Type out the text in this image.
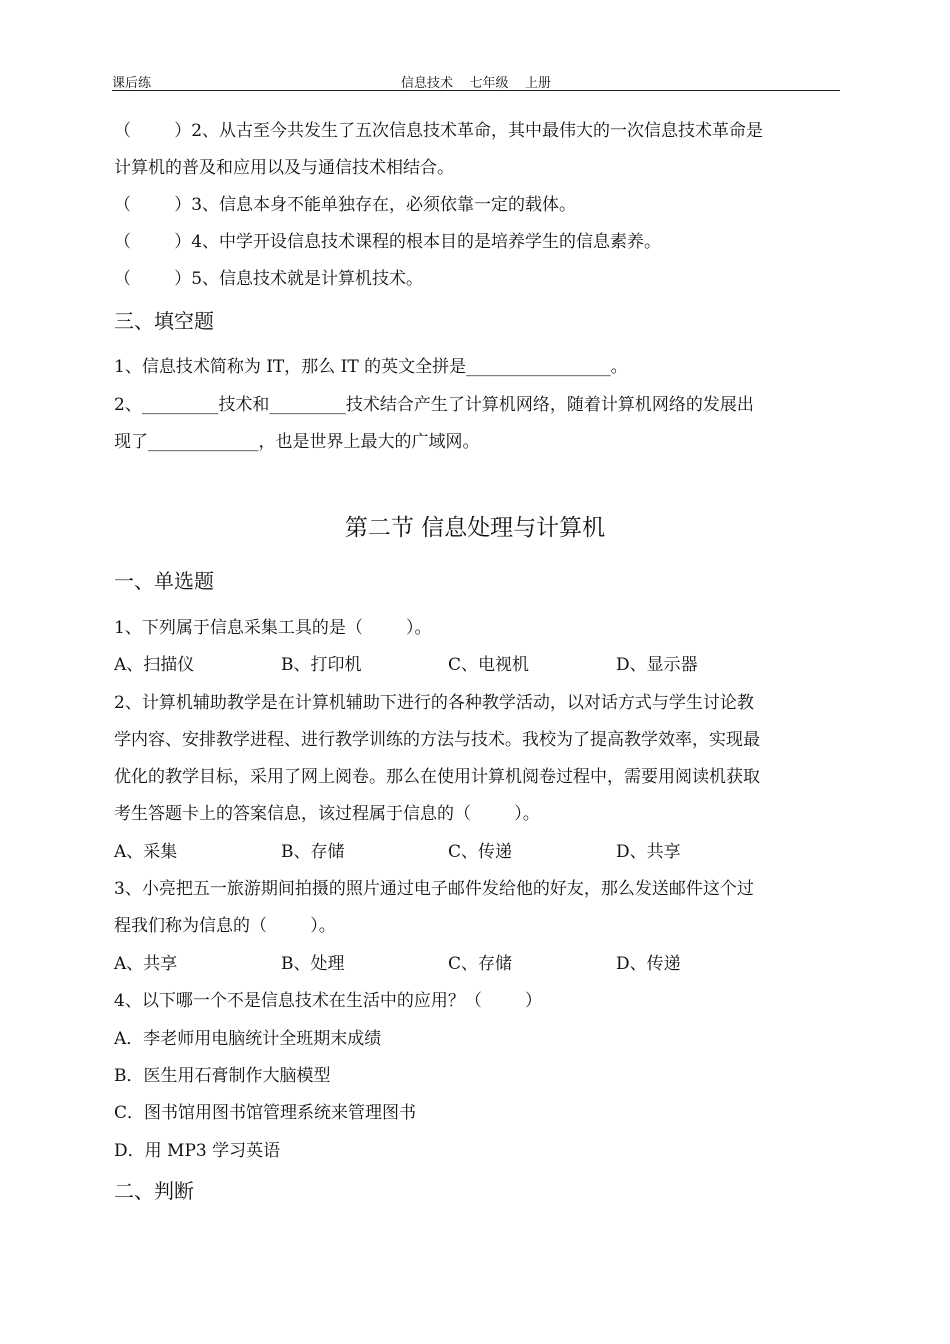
课后练	信息技术    七年级    上册
（        ）2、从古至今共发生了五次信息技术革命，其中最伟大的一次信息技术革命是
计算机的普及和应用以及与通信技术相结合。
（        ）3、信息本身不能单独存在，必须依靠一定的载体。
（        ）4、中学开设信息技术课程的根本目的是培养学生的信息素养。
（        ）5、信息技术就是计算机技术。
三、填空题
1、信息技术简称为 IT，那么 IT 的英文全拼是_________________。
2、_________技术和_________技术结合产生了计算机网络，随着计算机网络的发展出
现了_____________，也是世界上最大的广域网。
第二节 信息处理与计算机
一、单选题
1、下列属于信息采集工具的是（        ）。
A、扫描仪	B、打印机	C、电视机	D、显示器
2、计算机辅助教学是在计算机辅助下进行的各种教学活动，以对话方式与学生讨论教
学内容、安排教学进程、进行教学训练的方法与技术。我校为了提高教学效率，实现最
优化的教学目标，采用了网上阅卷。那么在使用计算机阅卷过程中，需要用阅读机获取
考生答题卡上的答案信息，该过程属于信息的（        ）。
A、采集	B、存储	C、传递	D、共享
3、小亮把五一旅游期间拍摄的照片通过电子邮件发给他的好友，那么发送邮件这个过
程我们称为信息的（        ）。
A、共享	B、处理	C、存储	D、传递
4、以下哪一个不是信息技术在生活中的应用？（        ）
A．李老师用电脑统计全班期末成绩
B．医生用石膏制作大脑模型
C．图书馆用图书馆管理系统来管理图书
D．用 MP3 学习英语
二、判断
